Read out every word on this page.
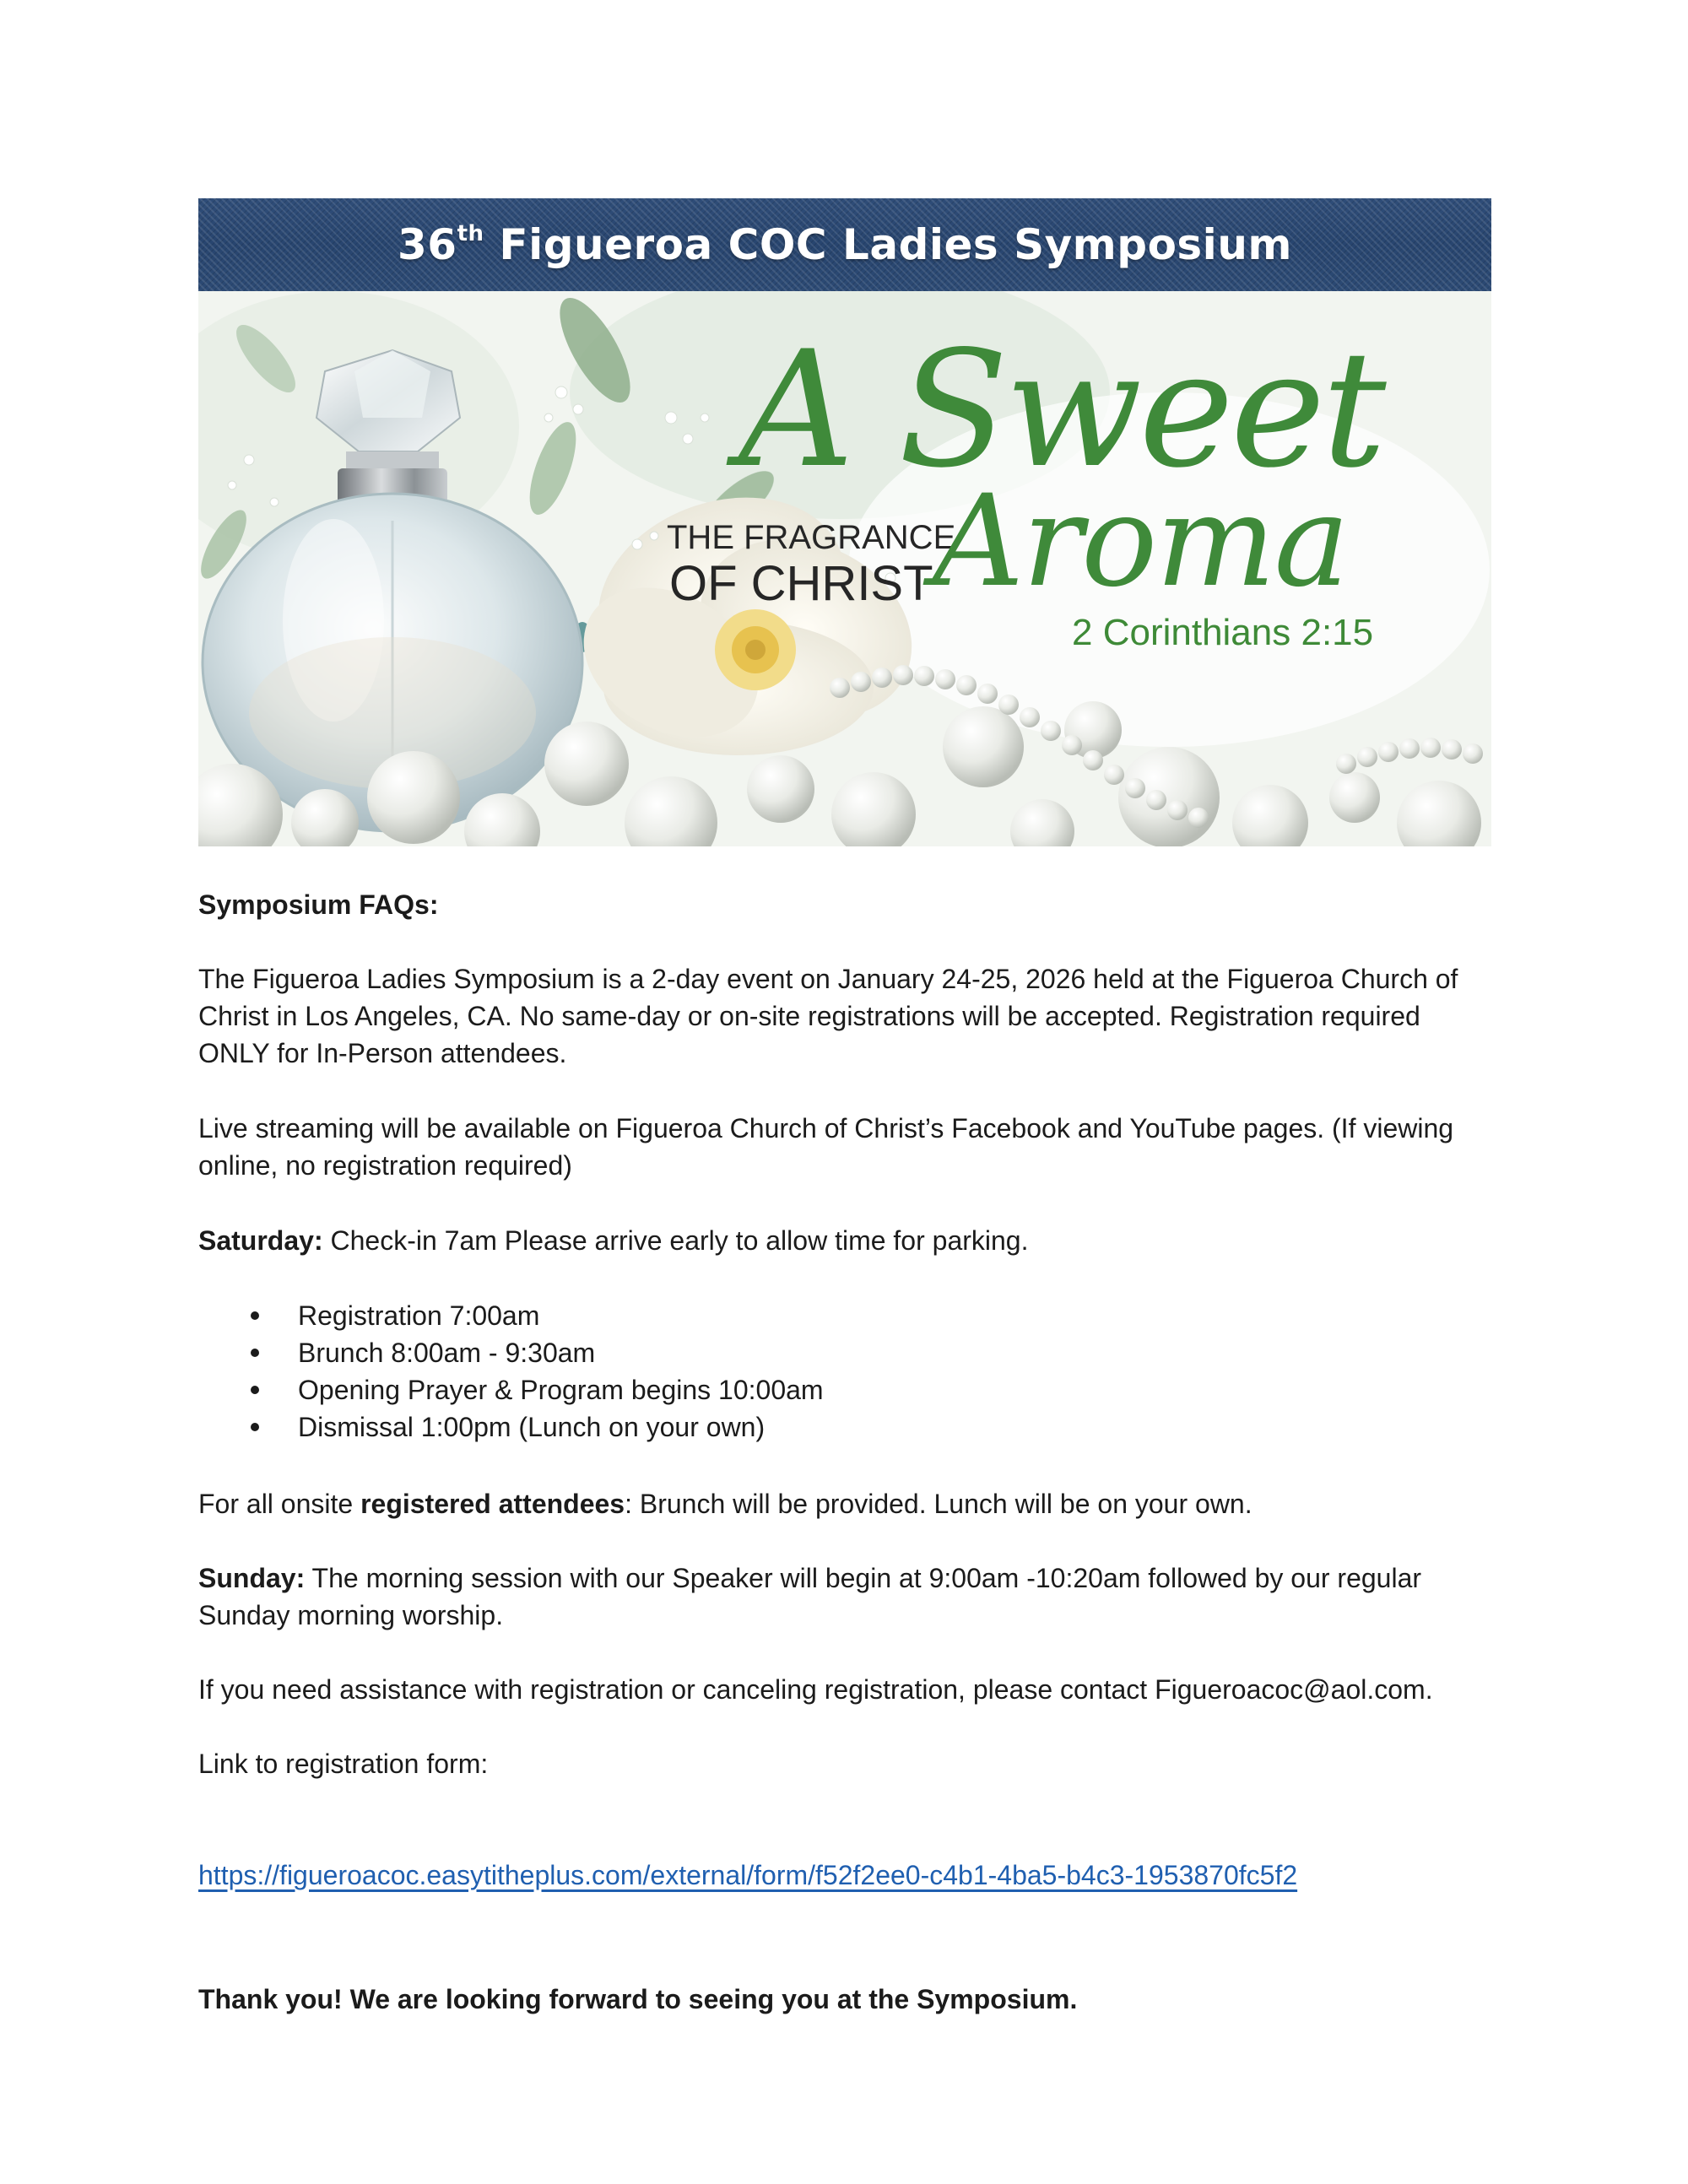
36th Figueroa COC Ladies Symposium
THE FRAGRANCE
OF CHRIST
A Sweet
Aroma
2 Corinthians 2:15

Symposium FAQs:

The Figueroa Ladies Symposium is a 2-day event on January 24-25, 2026 held at the Figueroa Church of Christ in Los Angeles, CA. No same-day or on-site registrations will be accepted. Registration required ONLY for In-Person attendees.

Live streaming will be available on Figueroa Church of Christ’s Facebook and YouTube pages. (If viewing online, no registration required)

Saturday: Check-in 7am Please arrive early to allow time for parking.

Registration 7:00am
Brunch 8:00am - 9:30am
Opening Prayer & Program begins 10:00am
Dismissal 1:00pm (Lunch on your own)

For all onsite registered attendees: Brunch will be provided. Lunch will be on your own.

Sunday: The morning session with our Speaker will begin at 9:00am -10:20am followed by our regular Sunday morning worship.

If you need assistance with registration or canceling registration, please contact Figueroacoc@aol.com.

Link to registration form:

https://figueroacoc.easytitheplus.com/external/form/f52f2ee0-c4b1-4ba5-b4c3-1953870fc5f2

Thank you! We are looking forward to seeing you at the Symposium.
